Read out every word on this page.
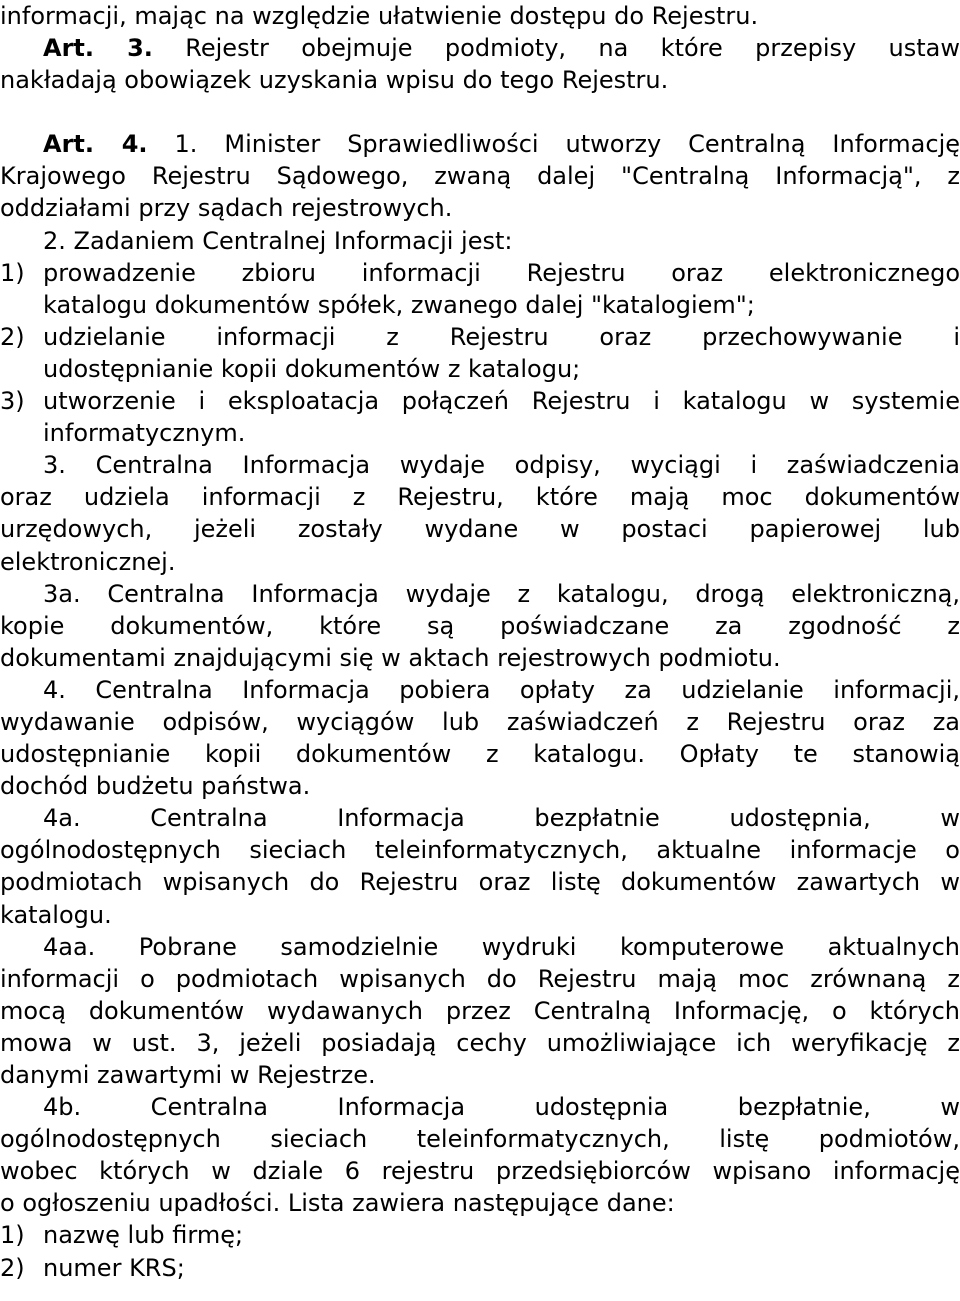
informacji, mając na względzie ułatwienie dostępu do Rejestru.

Art. 3. Rejestr obejmuje podmioty, na które przepisy ustaw

nakładają obowiązek uzyskania wpisu do tego Rejestru.

Art. 4. 1. Minister Sprawiedliwości utworzy Centralną Informację

Krajowego Rejestru Sądowego, zwaną dalej "Centralną Informacją", z

oddziałami przy sądach rejestrowych.

2. Zadaniem Centralnej Informacji jest:

1) prowadzenie zbioru informacji Rejestru oraz elektronicznego
katalogu dokumentów spółek, zwanego dalej "katalogiem";
2) udzielanie informacji z Rejestru oraz przechowywanie i
udostępnianie kopii dokumentów z katalogu;
3) utworzenie i eksploatacja połączeń Rejestru i katalogu w systemie
informatycznym.

3. Centralna Informacja wydaje odpisy, wyciągi i zaświadczenia

oraz udziela informacji z Rejestru, które mają moc dokumentów

urzędowych, jeżeli zostały wydane w postaci papierowej lub

elektronicznej.

3a. Centralna Informacja wydaje z katalogu, drogą elektroniczną,

kopie dokumentów, które są poświadczane za zgodność z

dokumentami znajdującymi się w aktach rejestrowych podmiotu.

4. Centralna Informacja pobiera opłaty za udzielanie informacji,

wydawanie odpisów, wyciągów lub zaświadczeń z Rejestru oraz za

udostępnianie kopii dokumentów z katalogu. Opłaty te stanowią

dochód budżetu państwa.

4a. Centralna Informacja bezpłatnie udostępnia, w

ogólnodostępnych sieciach teleinformatycznych, aktualne informacje o

podmiotach wpisanych do Rejestru oraz listę dokumentów zawartych w

katalogu.

4aa. Pobrane samodzielnie wydruki komputerowe aktualnych

informacji o podmiotach wpisanych do Rejestru mają moc zrównaną z

mocą dokumentów wydawanych przez Centralną Informację, o których

mowa w ust. 3, jeżeli posiadają cechy umożliwiające ich weryfikację z

danymi zawartymi w Rejestrze.

4b. Centralna Informacja udostępnia bezpłatnie, w

ogólnodostępnych sieciach teleinformatycznych, listę podmiotów,

wobec których w dziale 6 rejestru przedsiębiorców wpisano informację

o ogłoszeniu upadłości. Lista zawiera następujące dane:

1) nazwę lub firmę;
2) numer KRS;
